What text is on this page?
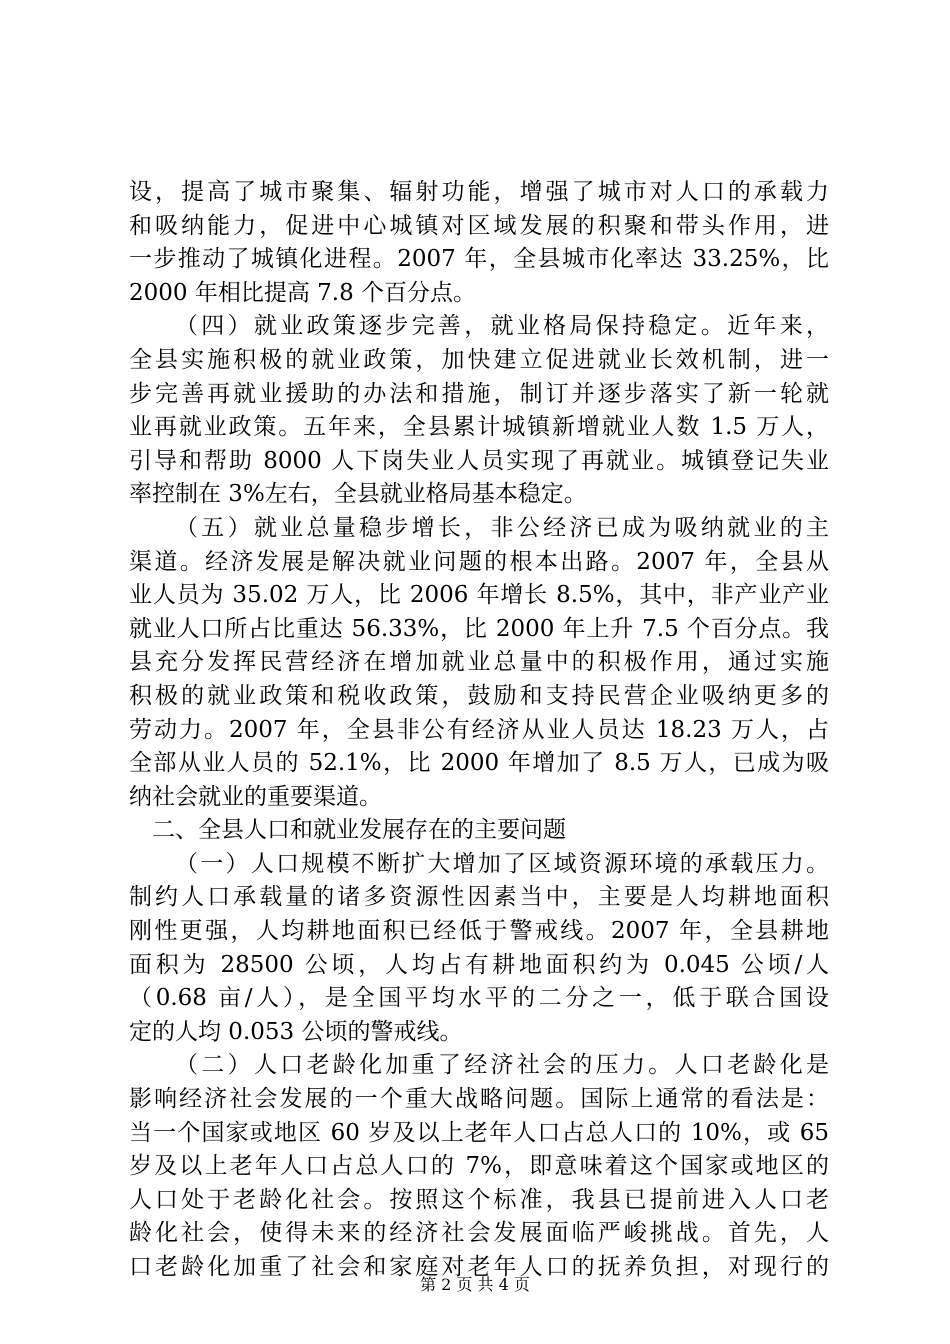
设，提高了城市聚集、辐射功能，增强了城市对人口的承载力
和吸纳能力，促进中心城镇对区域发展的积聚和带头作用，进
一步推动了城镇化进程。2007 年，全县城市化率达 33.25%，比
2000 年相比提高 7.8 个百分点。
（四）就业政策逐步完善，就业格局保持稳定。近年来，
全县实施积极的就业政策，加快建立促进就业长效机制，进一
步完善再就业援助的办法和措施，制订并逐步落实了新一轮就
业再就业政策。五年来，全县累计城镇新增就业人数 1.5 万人，
引导和帮助 8000 人下岗失业人员实现了再就业。城镇登记失业
率控制在 3%左右，全县就业格局基本稳定。
（五）就业总量稳步增长，非公经济已成为吸纳就业的主
渠道。经济发展是解决就业问题的根本出路。2007 年，全县从
业人员为 35.02 万人，比 2006 年增长 8.5%，其中，非产业产业
就业人口所占比重达 56.33%，比 2000 年上升 7.5 个百分点。我
县充分发挥民营经济在增加就业总量中的积极作用，通过实施
积极的就业政策和税收政策，鼓励和支持民营企业吸纳更多的
劳动力。2007 年，全县非公有经济从业人员达 18.23 万人，占
全部从业人员的 52.1%，比 2000 年增加了 8.5 万人，已成为吸
纳社会就业的重要渠道。
二、全县人口和就业发展存在的主要问题
（一）人口规模不断扩大增加了区域资源环境的承载压力。
制约人口承载量的诸多资源性因素当中，主要是人均耕地面积
刚性更强，人均耕地面积已经低于警戒线。2007 年，全县耕地
面积为 28500 公顷，人均占有耕地面积约为 0.045 公顷/人
（0.68 亩/人），是全国平均水平的二分之一，低于联合国设
定的人均 0.053 公顷的警戒线。
（二）人口老龄化加重了经济社会的压力。人口老龄化是
影响经济社会发展的一个重大战略问题。国际上通常的看法是：
当一个国家或地区 60 岁及以上老年人口占总人口的 10%，或 65
岁及以上老年人口占总人口的 7%，即意味着这个国家或地区的
人口处于老龄化社会。按照这个标准，我县已提前进入人口老
龄化社会，使得未来的经济社会发展面临严峻挑战。首先，人
口老龄化加重了社会和家庭对老年人口的抚养负担，对现行的
第 2 页 共 4 页
